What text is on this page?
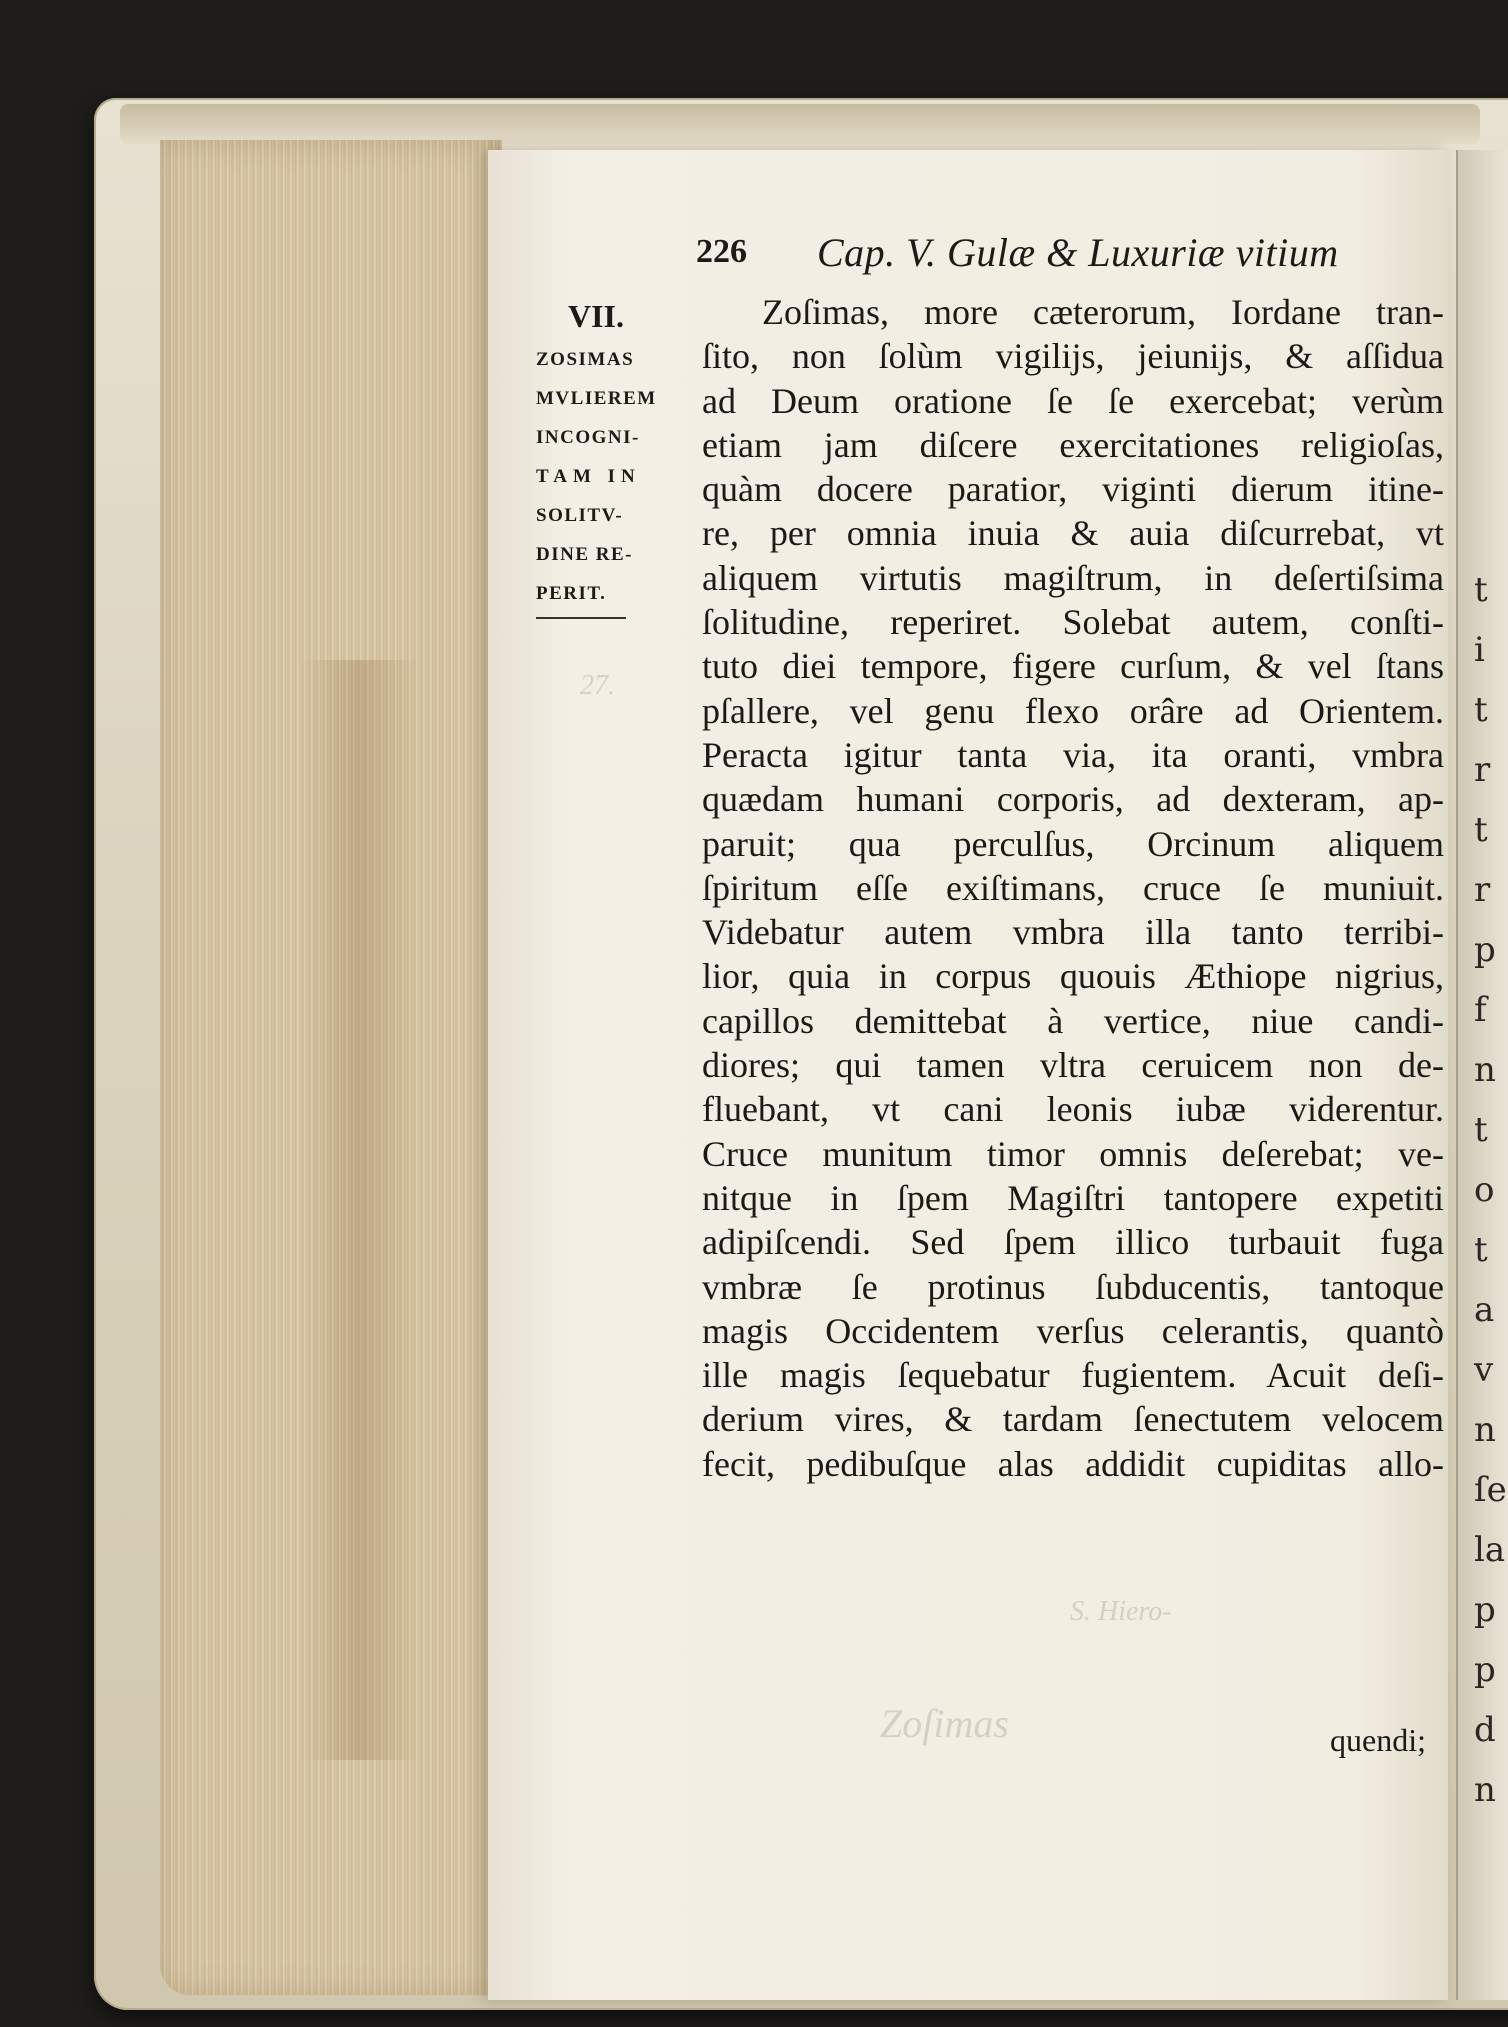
t
i
t
r
t
r
p
f
n
t
o
t
a
v
n
ſe
la
p
p
d
n
27.
S. Hiero-
Zoſimas
226 Cap. V. Gulæ & Luxuriæ vitium
VII.
ZOSIMAS
MVLIEREM
INCOGNI-
TAM IN
SOLITV-
DINE RE-
PERIT.
Zoſimas, more cæterorum, Iordane tran-
ſito, non ſolùm vigilijs, jeiunijs, & aſſidua
ad Deum oratione ſe ſe exercebat; verùm
etiam jam diſcere exercitationes religioſas,
quàm docere paratior, viginti dierum itine-
re, per omnia inuia & auia diſcurrebat, vt
aliquem virtutis magiſtrum, in deſertiſsima
ſolitudine, reperiret. Solebat autem, conſti-
tuto diei tempore, figere curſum, & vel ſtans
pſallere, vel genu flexo orâre ad Orientem.
Peracta igitur tanta via, ita oranti, vmbra
quædam humani corporis, ad dexteram, ap-
paruit; qua perculſus, Orcinum aliquem
ſpiritum eſſe exiſtimans, cruce ſe muniuit.
Videbatur autem vmbra illa tanto terribi-
lior, quia in corpus quouis Æthiope nigrius,
capillos demittebat à vertice, niue candi-
diores; qui tamen vltra ceruicem non de-
fluebant, vt cani leonis iubæ viderentur.
Cruce munitum timor omnis deſerebat; ve-
nitque in ſpem Magiſtri tantopere expetiti
adipiſcendi. Sed ſpem illico turbauit fuga
vmbræ ſe protinus ſubducentis, tantoque
magis Occidentem verſus celerantis, quantò
ille magis ſequebatur fugientem. Acuit deſi-
derium vires, & tardam ſenectutem velocem
fecit, pedibuſque alas addidit cupiditas allo-
quendi;
